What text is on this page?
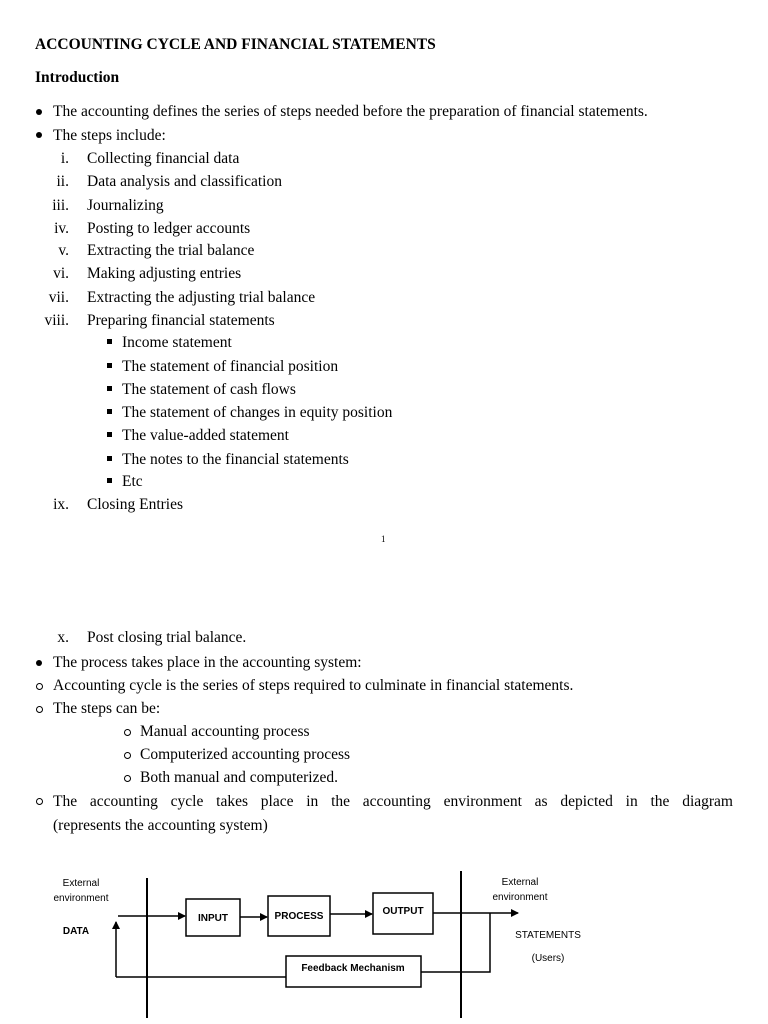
ACCOUNTING CYCLE AND FINANCIAL STATEMENTS
Introduction
The accounting defines the series of steps needed before the preparation of financial statements.
The steps include:
i. Collecting financial data
ii. Data analysis and classification
iii. Journalizing
iv. Posting to ledger accounts
v. Extracting the trial balance
vi. Making adjusting entries
vii. Extracting the adjusting trial balance
viii. Preparing financial statements
Income statement
The statement of financial position
The statement of cash flows
The statement of changes in equity position
The value-added statement
The notes to the financial statements
Etc
ix. Closing Entries
1
x. Post closing trial balance.
The process takes place in the accounting system:
Accounting cycle is the series of steps required to culminate in financial statements.
The steps can be:
Manual accounting process
Computerized accounting process
Both manual and computerized.
The accounting cycle takes place in the accounting environment as depicted in the diagram
(represents the accounting system)
External
environment
DATA
INPUT	PROCESS	OUTPUT
Feedback Mechanism
External
environment
STATEMENTS
(Users)
